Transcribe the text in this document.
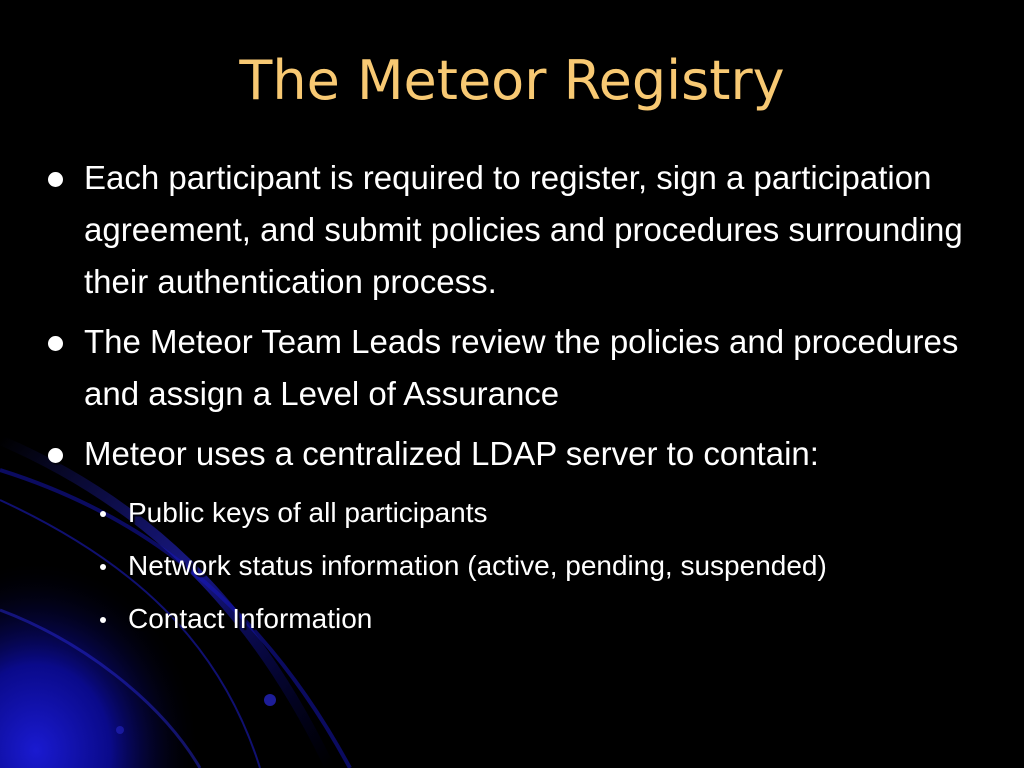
The Meteor Registry
Each participant is required to register, sign a participation agreement, and submit policies and procedures surrounding their authentication process.
The Meteor Team Leads review the policies and procedures and assign a Level of Assurance
Meteor uses a centralized LDAP server to contain:
Public keys of all participants
Network status information (active, pending, suspended)
Contact Information
